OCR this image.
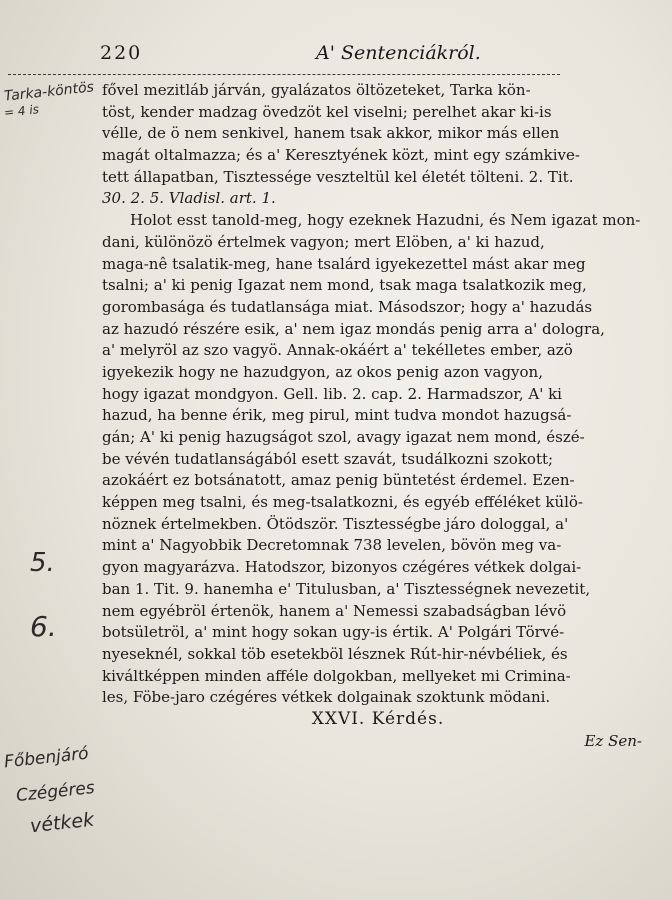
220	A' Sentenciákról.
Tarka-köntös
= 4 is
5.
6.
Főbenjáró
Czégéres
vétkek
fővel mezitláb járván, gyalázatos öltözeteket, Tarka kön-
töst, kender madzag övedzöt kel viselni; perelhet akar ki-is
vélle, de ö nem senkivel, hanem tsak akkor, mikor más ellen
magát oltalmazza; és a' Keresztyének közt, mint egy számkive-
tett állapatban, Tisztessége veszteltül kel életét tölteni. 2. Tit.
30. 2. 5. Vladisl. art. 1.
Holot esst tanold-meg, hogy ezeknek Hazudni, és Nem igazat mon-
dani, különözö értelmek vagyon; mert Elöben, a' ki hazud,
maga-nê tsalatik-meg, hane tsalárd igyekezettel mást akar meg
tsalni; a' ki penig Igazat nem mond, tsak maga tsalatkozik meg,
gorombasága és tudatlansága miat. Másodszor; hogy a' hazudás
az hazudó részére esik, a' nem igaz mondás penig arra a' dologra,
a' melyröl az szo vagyö. Annak-okáért a' tekélletes ember, azö
igyekezik hogy ne hazudgyon, az okos penig azon vagyon,
hogy igazat mondgyon. Gell. lib. 2. cap. 2. Harmadszor, A' ki
hazud, ha benne érik, meg pirul, mint tudva mondot hazugsá-
gán; A' ki penig hazugságot szol, avagy igazat nem mond, észé-
be vévén tudatlanságából esett szavát, tsudálkozni szokott;
azokáért ez botsánatott, amaz penig büntetést érdemel. Ezen-
képpen meg tsalni, és meg-tsalatkozni, és egyéb efféléket külö-
nöznek értelmekben. Ötödször. Tisztességbe járo dologgal, a'
mint a' Nagyobbik Decretomnak 738 levelen, bövön meg va-
gyon magyarázva. Hatodszor, bizonyos czégéres vétkek dolgai-
ban 1. Tit. 9. hanemha e' Titulusban, a' Tisztességnek nevezetit,
nem egyébröl értenök, hanem a' Nemessi szabadságban lévö
botsületröl, a' mint hogy sokan ugy-is értik. A' Polgári Törvé-
nyeseknél, sokkal töb esetekböl lésznek Rút-hir-névbéliek, és
kiváltképpen minden afféle dolgokban, mellyeket mi Crimina-
les, Föbe-jaro czégéres vétkek dolgainak szoktunk mödani.
XXVI. Kérdés.
Ez Sen-
